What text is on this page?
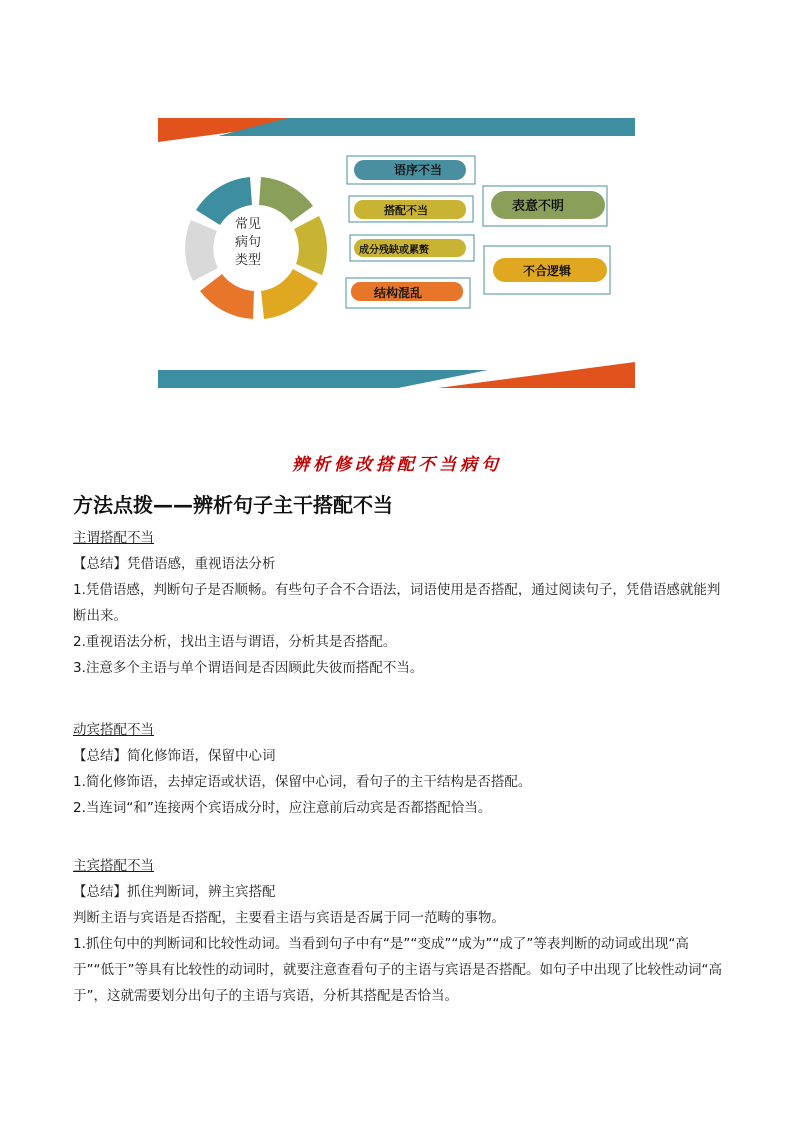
常见
病句
类型
语序不当
搭配不当
成分残缺或累赘
结构混乱
表意不明
不合逻辑
辨析修改搭配不当病句
方法点拨——辨析句子主干搭配不当
主谓搭配不当

【总结】凭借语感，重视语法分析

1.凭借语感，判断句子是否顺畅。有些句子合不合语法，词语使用是否搭配，通过阅读句子，凭借语感就能判断出来。

2.重视语法分析，找出主语与谓语，分析其是否搭配。

3.注意多个主语与单个谓语间是否因顾此失彼而搭配不当。

动宾搭配不当

【总结】简化修饰语，保留中心词

1.简化修饰语，去掉定语或状语，保留中心词，看句子的主干结构是否搭配。

2.当连词“和”连接两个宾语成分时，应注意前后动宾是否都搭配恰当。

主宾搭配不当

【总结】抓住判断词，辨主宾搭配

判断主语与宾语是否搭配，主要看主语与宾语是否属于同一范畴的事物。

1.抓住句中的判断词和比较性动词。当看到句子中有“是”“变成”“成为”“成了”等表判断的动词或出现“高于”“低于”等具有比较性的动词时，就要注意查看句子的主语与宾语是否搭配。如句子中出现了比较性动词“高于”，这就需要划分出句子的主语与宾语，分析其搭配是否恰当。
